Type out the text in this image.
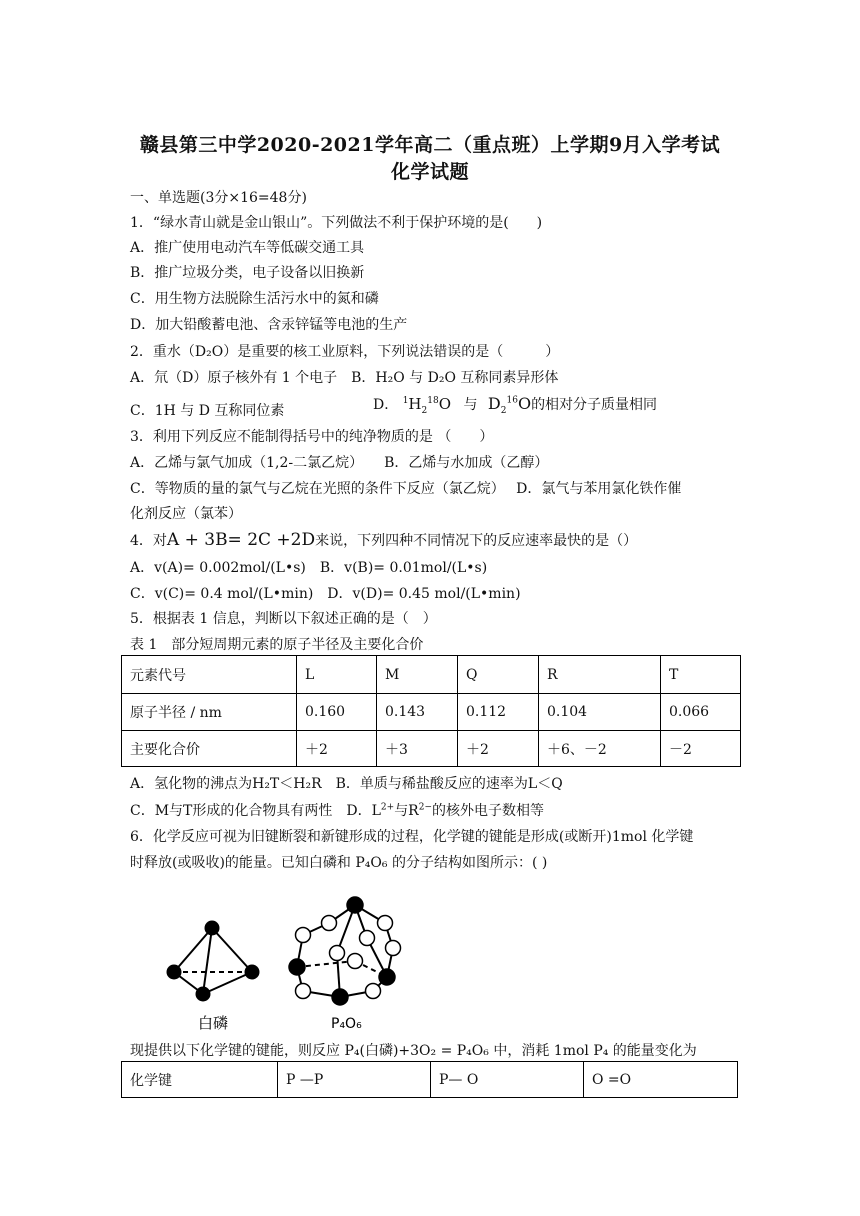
赣县第三中学2020-2021学年高二（重点班）上学期9月入学考试
化学试题
一、单选题(3分×16=48分)
1．“绿水青山就是金山银山”。下列做法不利于保护环境的是(　　)
A．推广使用电动汽车等低碳交通工具
B．推广垃圾分类，电子设备以旧换新
C．用生物方法脱除生活污水中的氮和磷
D．加大铅酸蓄电池、含汞锌锰等电池的生产
2．重水（D₂O）是重要的核工业原料，下列说法错误的是（　　　）
A．氘（D）原子核外有 1 个电子　B．H₂O 与 D₂O 互称同素异形体
C．1H 与 D 互称同位素	D． $^1H_2^{18}O$ 与 $D_2^{16}O$的相对分子质量相同
3．利用下列反应不能制得括号中的纯净物质的是 （　　）
A．乙烯与氯气加成（1,2-二氯乙烷）　　B．乙烯与水加成（乙醇）
C．等物质的量的氯气与乙烷在光照的条件下反应（氯乙烷）　 D．氯气与苯用氯化铁作催
化剂反应（氯苯）
4．对A + 3B= 2C +2D来说，下列四种不同情况下的反应速率最快的是（）
A．v(A)= 0.002mol/(L•s)　B．v(B)= 0.01mol/(L•s)
C．v(C)= 0.4 mol/(L•min)　D．v(D)= 0.45 mol/(L•min)
5．根据表 1 信息，判断以下叙述正确的是（　）
表 1　部分短周期元素的原子半径及主要化合价
元素代号	L	M	Q	R	T
原子半径 / nm	0.160	0.143	0.112	0.104	0.066
主要化合价	＋2	＋3	＋2	＋6、－2	－2
A．氢化物的沸点为H₂T＜H₂R　B．单质与稀盐酸反应的速率为L＜Q
C．M与T形成的化合物具有两性　D．$L^{2+}$与$R^{2-}$的核外电子数相等
6．化学反应可视为旧键断裂和新键形成的过程，化学键的键能是形成(或断开)1mol 化学键
时释放(或吸收)的能量。已知白磷和 P₄O₆ 的分子结构如图所示：( )
白磷	P₄O₆
现提供以下化学键的键能，则反应 P₄(白磷)+3O₂ = P₄O₆ 中，消耗 1mol P₄ 的能量变化为
化学键	P —P	P— O	O =O
